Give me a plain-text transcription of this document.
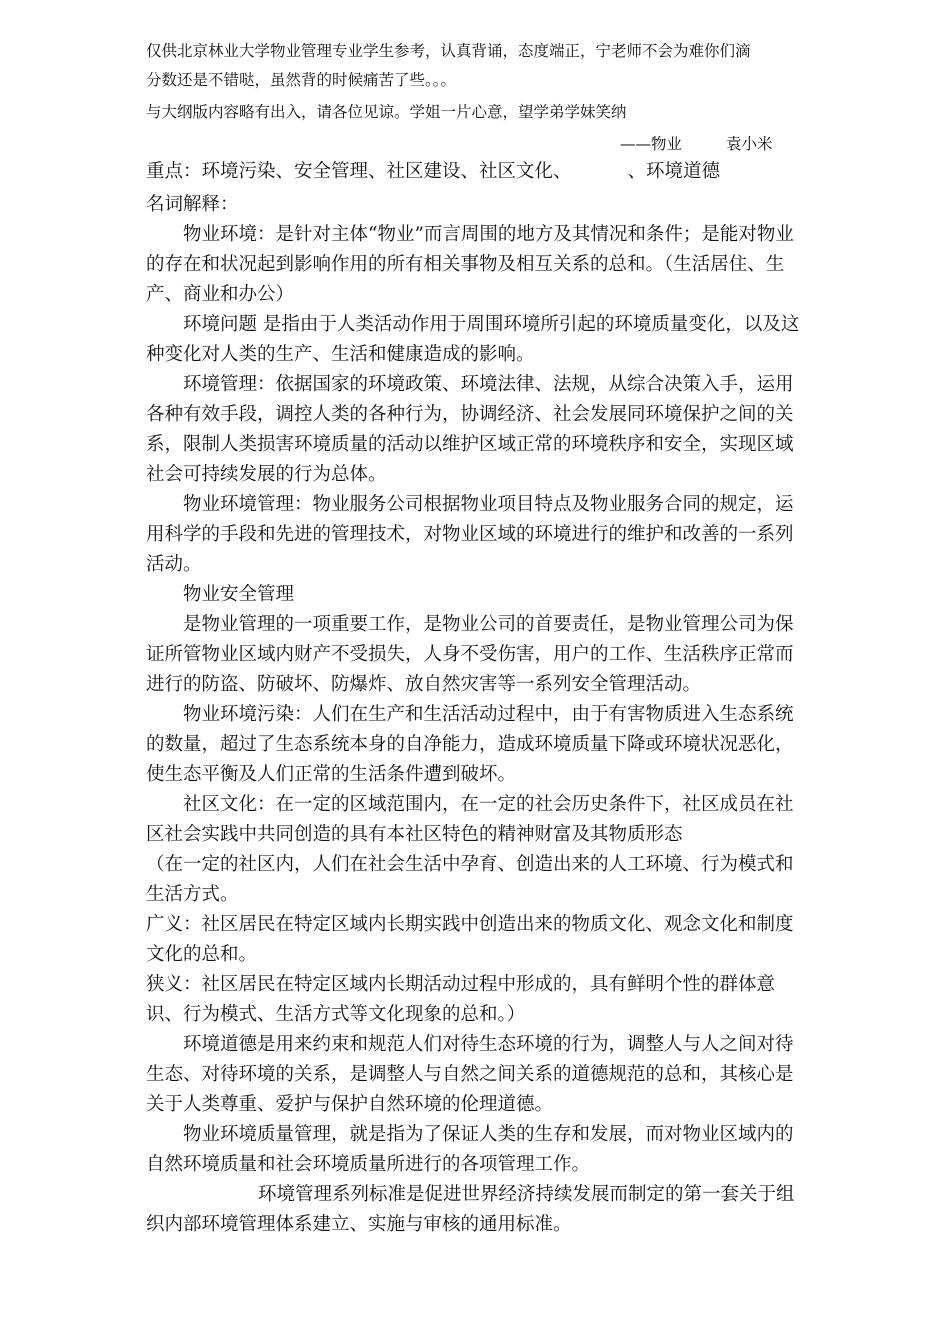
仅供北京林业大学物业管理专业学生参考，认真背诵，态度端正，宁老师不会为难你们滴
分数还是不错哒，虽然背的时候痛苦了些。。。
与大纲版内容略有出入，请各位见谅。学姐一片心意，望学弟学妹笑纳
——物业	袁小米
重点：环境污染、安全管理、社区建设、社区文化、	、环境道德
名词解释：

物业环境：是针对主体“物业”而言周围的地方及其情况和条件；是能对物业的存在和状况起到影响作用的所有相关事物及相互关系的总和。（生活居住、生产、商业和办公）

环境问题 是指由于人类活动作用于周围环境所引起的环境质量变化，以及这种变化对人类的生产、生活和健康造成的影响。

环境管理：依据国家的环境政策、环境法律、法规，从综合决策入手，运用各种有效手段，调控人类的各种行为，协调经济、社会发展同环境保护之间的关系，限制人类损害环境质量的活动以维护区域正常的环境秩序和安全，实现区域社会可持续发展的行为总体。

物业环境管理：物业服务公司根据物业项目特点及物业服务合同的规定，运用科学的手段和先进的管理技术，对物业区域的环境进行的维护和改善的一系列活动。

物业安全管理

是物业管理的一项重要工作，是物业公司的首要责任，是物业管理公司为保证所管物业区域内财产不受损失，人身不受伤害，用户的工作、生活秩序正常而进行的防盗、防破坏、防爆炸、放自然灾害等一系列安全管理活动。

物业环境污染：人们在生产和生活活动过程中，由于有害物质进入生态系统的数量，超过了生态系统本身的自净能力，造成环境质量下降或环境状况恶化，使生态平衡及人们正常的生活条件遭到破坏。

社区文化：在一定的区域范围内，在一定的社会历史条件下，社区成员在社区社会实践中共同创造的具有本社区特色的精神财富及其物质形态

（在一定的社区内，人们在社会生活中孕育、创造出来的人工环境、行为模式和生活方式。

广义：社区居民在特定区域内长期实践中创造出来的物质文化、观念文化和制度文化的总和。

狭义：社区居民在特定区域内长期活动过程中形成的，具有鲜明个性的群体意识、行为模式、生活方式等文化现象的总和。）

环境道德是用来约束和规范人们对待生态环境的行为，调整人与人之间对待生态、对待环境的关系，是调整人与自然之间关系的道德规范的总和，其核心是关于人类尊重、爱护与保护自然环境的伦理道德。

物业环境质量管理，就是指为了保证人类的生存和发展，而对物业区域内的自然环境质量和社会环境质量所进行的各项管理工作。

环境管理系列标准是促进世界经济持续发展而制定的第一套关于组织内部环境管理体系建立、实施与审核的通用标准。
